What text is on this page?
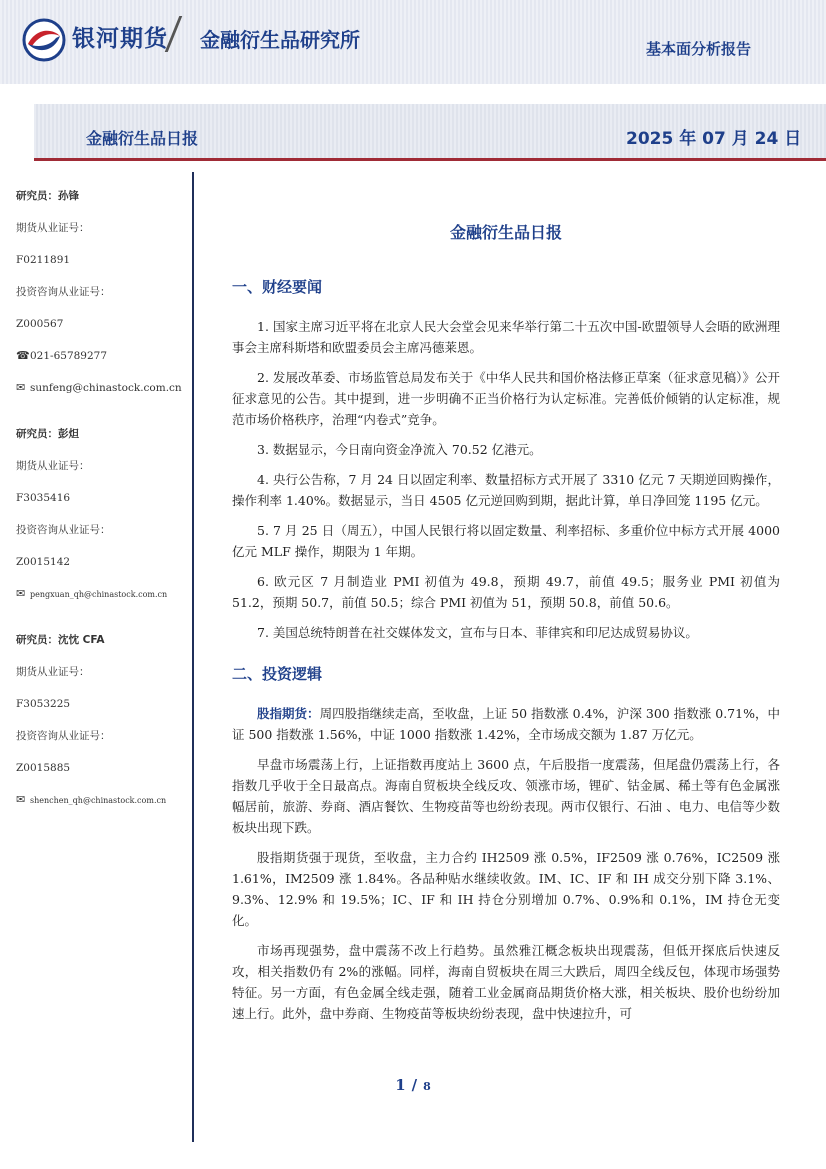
银河期货 金融衍生品研究所	基本面分析报告
金融衍生品日报	2025 年 07 月 24 日
研究员：孙锋
期货从业证号：
F0211891
投资咨询从业证号：
Z000567
☎021-65789277
✉ sunfeng@chinastock.com.cn
研究员：彭炟
期货从业证号：
F3035416
投资咨询从业证号：
Z0015142
✉ pengxuan_qh@chinastock.com.cn
研究员：沈忱 CFA
期货从业证号：
F3053225
投资咨询从业证号：
Z0015885
✉ shenchen_qh@chinastock.com.cn
金融衍生品日报
一、财经要闻

1. 国家主席习近平将在北京人民大会堂会见来华举行第二十五次中国-欧盟领导人会晤的欧洲理事会主席科斯塔和欧盟委员会主席冯德莱恩。

2. 发展改革委、市场监管总局发布关于《中华人民共和国价格法修正草案（征求意见稿）》公开征求意见的公告。其中提到，进一步明确不正当价格行为认定标准。完善低价倾销的认定标准，规范市场价格秩序，治理“内卷式”竞争。

3. 数据显示，今日南向资金净流入 70.52 亿港元。

4. 央行公告称，7 月 24 日以固定利率、数量招标方式开展了 3310 亿元 7 天期逆回购操作，操作利率 1.40%。数据显示，当日 4505 亿元逆回购到期，据此计算，单日净回笼 1195 亿元。

5. 7 月 25 日（周五），中国人民银行将以固定数量、利率招标、多重价位中标方式开展 4000 亿元 MLF 操作，期限为 1 年期。

6. 欧元区 7 月制造业 PMI 初值为 49.8，预期 49.7，前值 49.5；服务业 PMI 初值为 51.2，预期 50.7，前值 50.5；综合 PMI 初值为 51，预期 50.8，前值 50.6。

7. 美国总统特朗普在社交媒体发文，宣布与日本、菲律宾和印尼达成贸易协议。

二、投资逻辑

股指期货：周四股指继续走高，至收盘，上证 50 指数涨 0.4%，沪深 300 指数涨 0.71%，中证 500 指数涨 1.56%，中证 1000 指数涨 1.42%，全市场成交额为 1.87 万亿元。

早盘市场震荡上行，上证指数再度站上 3600 点，午后股指一度震荡，但尾盘仍震荡上行，各指数几乎收于全日最高点。海南自贸板块全线反攻、领涨市场，锂矿、钴金属、稀土等有色金属涨幅居前，旅游、券商、酒店餐饮、生物疫苗等也纷纷表现。两市仅银行、石油 、电力、电信等少数板块出现下跌。

股指期货强于现货，至收盘，主力合约 IH2509 涨 0.5%，IF2509 涨 0.76%，IC2509 涨 1.61%，IM2509 涨 1.84%。各品种贴水继续收敛。IM、IC、IF 和 IH 成交分别下降 3.1%、9.3%、12.9% 和 19.5%；IC、IF 和 IH 持仓分别增加 0.7%、0.9%和 0.1%，IM 持仓无变化。

市场再现强势，盘中震荡不改上行趋势。虽然雅江概念板块出现震荡，但低开探底后快速反攻，相关指数仍有 2%的涨幅。同样，海南自贸板块在周三大跌后，周四全线反包，体现市场强势特征。另一方面，有色金属全线走强，随着工业金属商品期货价格大涨，相关板块、股价也纷纷加速上行。此外，盘中券商、生物疫苗等板块纷纷表现，盘中快速拉升，可

1 / 8
